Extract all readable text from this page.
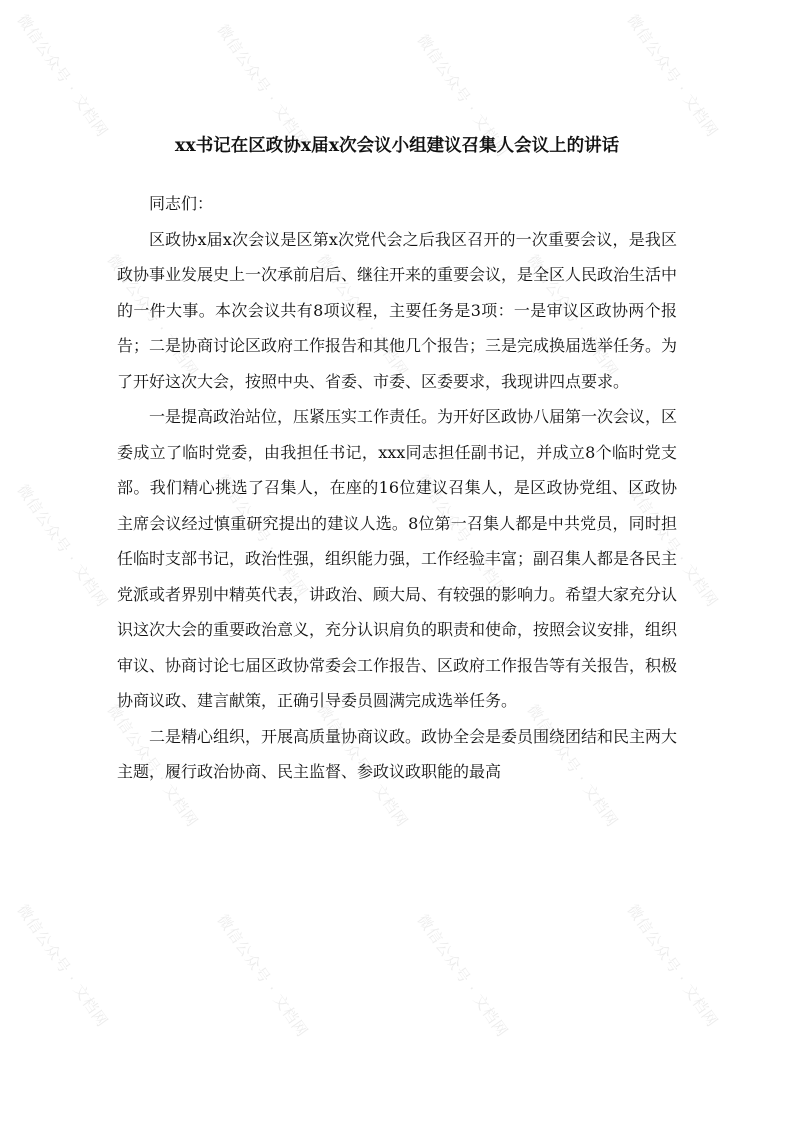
微信公众号 · 文档网	微信公众号 · 文档网	微信公众号 · 文档网	微信公众号 · 文档网
微信公众号 · 文档网	微信公众号 · 文档网	微信公众号 · 文档网
微信公众号 · 文档网	微信公众号 · 文档网	微信公众号 · 文档网	微信公众号 · 文档网
微信公众号 · 文档网	微信公众号 · 文档网	微信公众号 · 文档网
微信公众号 · 文档网	微信公众号 · 文档网	微信公众号 · 文档网	微信公众号 · 文档网
xx书记在区政协x届x次会议小组建议召集人会议上的讲话

同志们：

区政协x届x次会议是区第x次党代会之后我区召开的一次重要会议，是我区政协事业发展史上一次承前启后、继往开来的重要会议，是全区人民政治生活中的一件大事。本次会议共有8项议程，主要任务是3项：一是审议区政协两个报告；二是协商讨论区政府工作报告和其他几个报告；三是完成换届选举任务。为了开好这次大会，按照中央、省委、市委、区委要求，我现讲四点要求。

一是提高政治站位，压紧压实工作责任。为开好区政协八届第一次会议，区委成立了临时党委，由我担任书记，xxx同志担任副书记，并成立8个临时党支部。我们精心挑选了召集人，在座的16位建议召集人，是区政协党组、区政协主席会议经过慎重研究提出的建议人选。8位第一召集人都是中共党员，同时担任临时支部书记，政治性强，组织能力强，工作经验丰富；副召集人都是各民主党派或者界别中精英代表，讲政治、顾大局、有较强的影响力。希望大家充分认识这次大会的重要政治意义，充分认识肩负的职责和使命，按照会议安排，组织审议、协商讨论七届区政协常委会工作报告、区政府工作报告等有关报告，积极协商议政、建言献策，正确引导委员圆满完成选举任务。

二是精心组织，开展高质量协商议政。政协全会是委员围绕团结和民主两大主题，履行政治协商、民主监督、参政议政职能的最高
